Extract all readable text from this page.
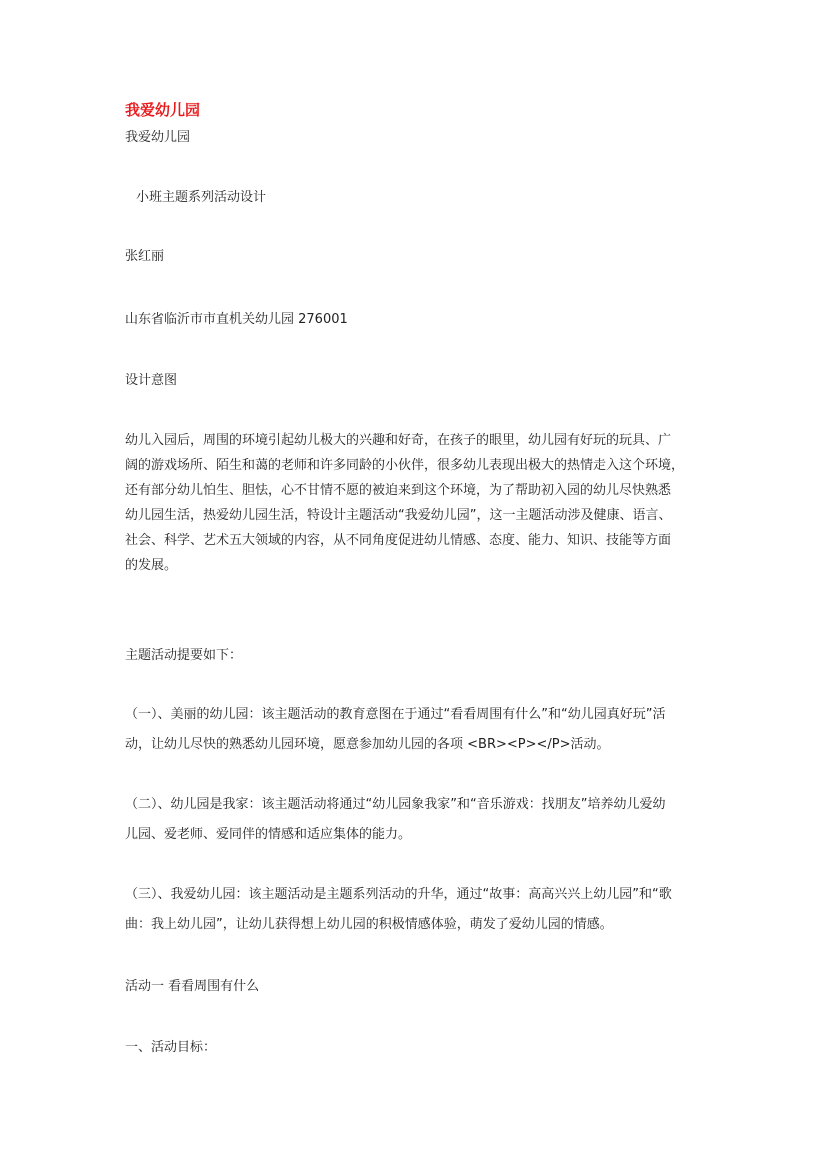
我爱幼儿园
我爱幼儿园
小班主题系列活动设计
张红丽
山东省临沂市市直机关幼儿园 276001
设计意图
幼儿入园后，周围的环境引起幼儿极大的兴趣和好奇，在孩子的眼里，幼儿园有好玩的玩具、广
阔的游戏场所、陌生和蔼的老师和许多同龄的小伙伴，很多幼儿表现出极大的热情走入这个环境，
还有部分幼儿怕生、胆怯，心不甘情不愿的被迫来到这个环境，为了帮助初入园的幼儿尽快熟悉
幼儿园生活，热爱幼儿园生活，特设计主题活动“我爱幼儿园”，这一主题活动涉及健康、语言、
社会、科学、艺术五大领域的内容，从不同角度促进幼儿情感、态度、能力、知识、技能等方面
的发展。
主题活动提要如下：
（一）、美丽的幼儿园：该主题活动的教育意图在于通过“看看周围有什么”和“幼儿园真好玩”活
动，让幼儿尽快的熟悉幼儿园环境，愿意参加幼儿园的各项 <BR><P></P>活动。
（二）、幼儿园是我家：该主题活动将通过“幼儿园象我家”和“音乐游戏：找朋友”培养幼儿爱幼
儿园、爱老师、爱同伴的情感和适应集体的能力。
（三）、我爱幼儿园：该主题活动是主题系列活动的升华，通过“故事：高高兴兴上幼儿园”和“歌
曲：我上幼儿园”，让幼儿获得想上幼儿园的积极情感体验，萌发了爱幼儿园的情感。
活动一 看看周围有什么
一、活动目标：
